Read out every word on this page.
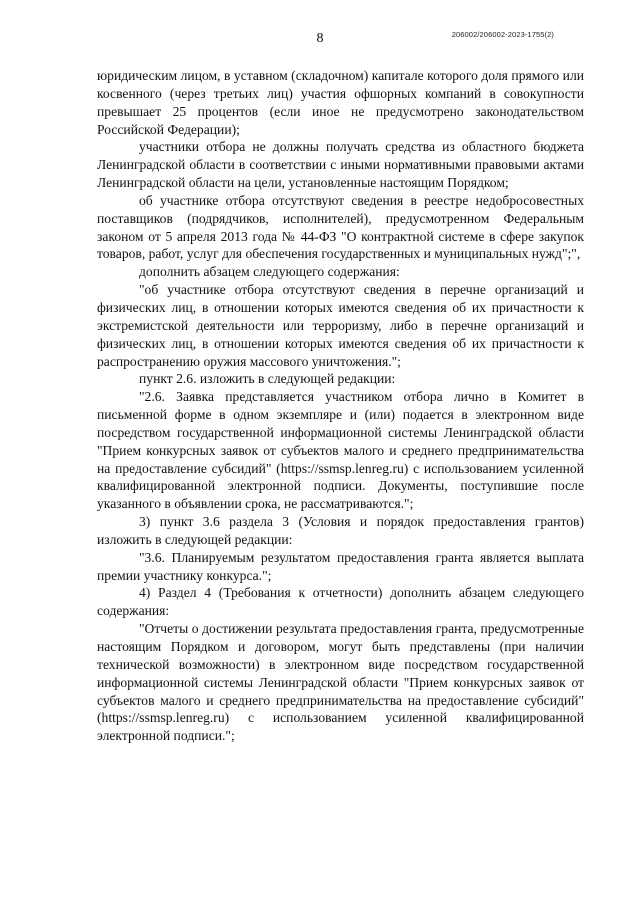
206002/206002-2023-1755(2)
8

юридическим лицом, в уставном (складочном) капитале которого доля прямого или косвенного (через третьих лиц) участия офшорных компаний в совокупности превышает 25 процентов (если иное не предусмотрено законодательством Российской Федерации);

участники отбора не должны получать средства из областного бюджета Ленинградской области в соответствии с иными нормативными правовыми актами Ленинградской области на цели, установленные настоящим Порядком;

об участнике отбора отсутствуют сведения в реестре недобросовестных поставщиков (подрядчиков, исполнителей), предусмотренном Федеральным законом от 5 апреля 2013 года № 44-ФЗ "О контрактной системе в сфере закупок товаров, работ, услуг для обеспечения государственных и муниципальных нужд";",

дополнить абзацем следующего содержания:

"об участнике отбора отсутствуют сведения в перечне организаций и физических лиц, в отношении которых имеются сведения об их причастности к экстремистской деятельности или терроризму, либо в перечне организаций и физических лиц, в отношении которых имеются сведения об их причастности к распространению оружия массового уничтожения.";

пункт 2.6. изложить в следующей редакции:

"2.6. Заявка представляется участником отбора лично в Комитет в письменной форме в одном экземпляре и (или) подается в электронном виде посредством государственной информационной системы Ленинградской области "Прием конкурсных заявок от субъектов малого и среднего предпринимательства на предоставление субсидий" (https://ssmsp.lenreg.ru) с использованием усиленной квалифицированной электронной подписи. Документы, поступившие после указанного в объявлении срока, не рассматриваются.";

3) пункт 3.6 раздела 3 (Условия и порядок предоставления грантов) изложить в следующей редакции:

"3.6. Планируемым результатом предоставления гранта является выплата премии участнику конкурса.";

4) Раздел 4 (Требования к отчетности) дополнить абзацем следующего содержания:

"Отчеты о достижении результата предоставления гранта, предусмотренные настоящим Порядком и договором, могут быть представлены (при наличии технической возможности) в электронном виде посредством государственной информационной системы Ленинградской области "Прием конкурсных заявок от субъектов малого и среднего предпринимательства на предоставление субсидий" (https://ssmsp.lenreg.ru) с использованием усиленной квалифицированной электронной подписи.";
